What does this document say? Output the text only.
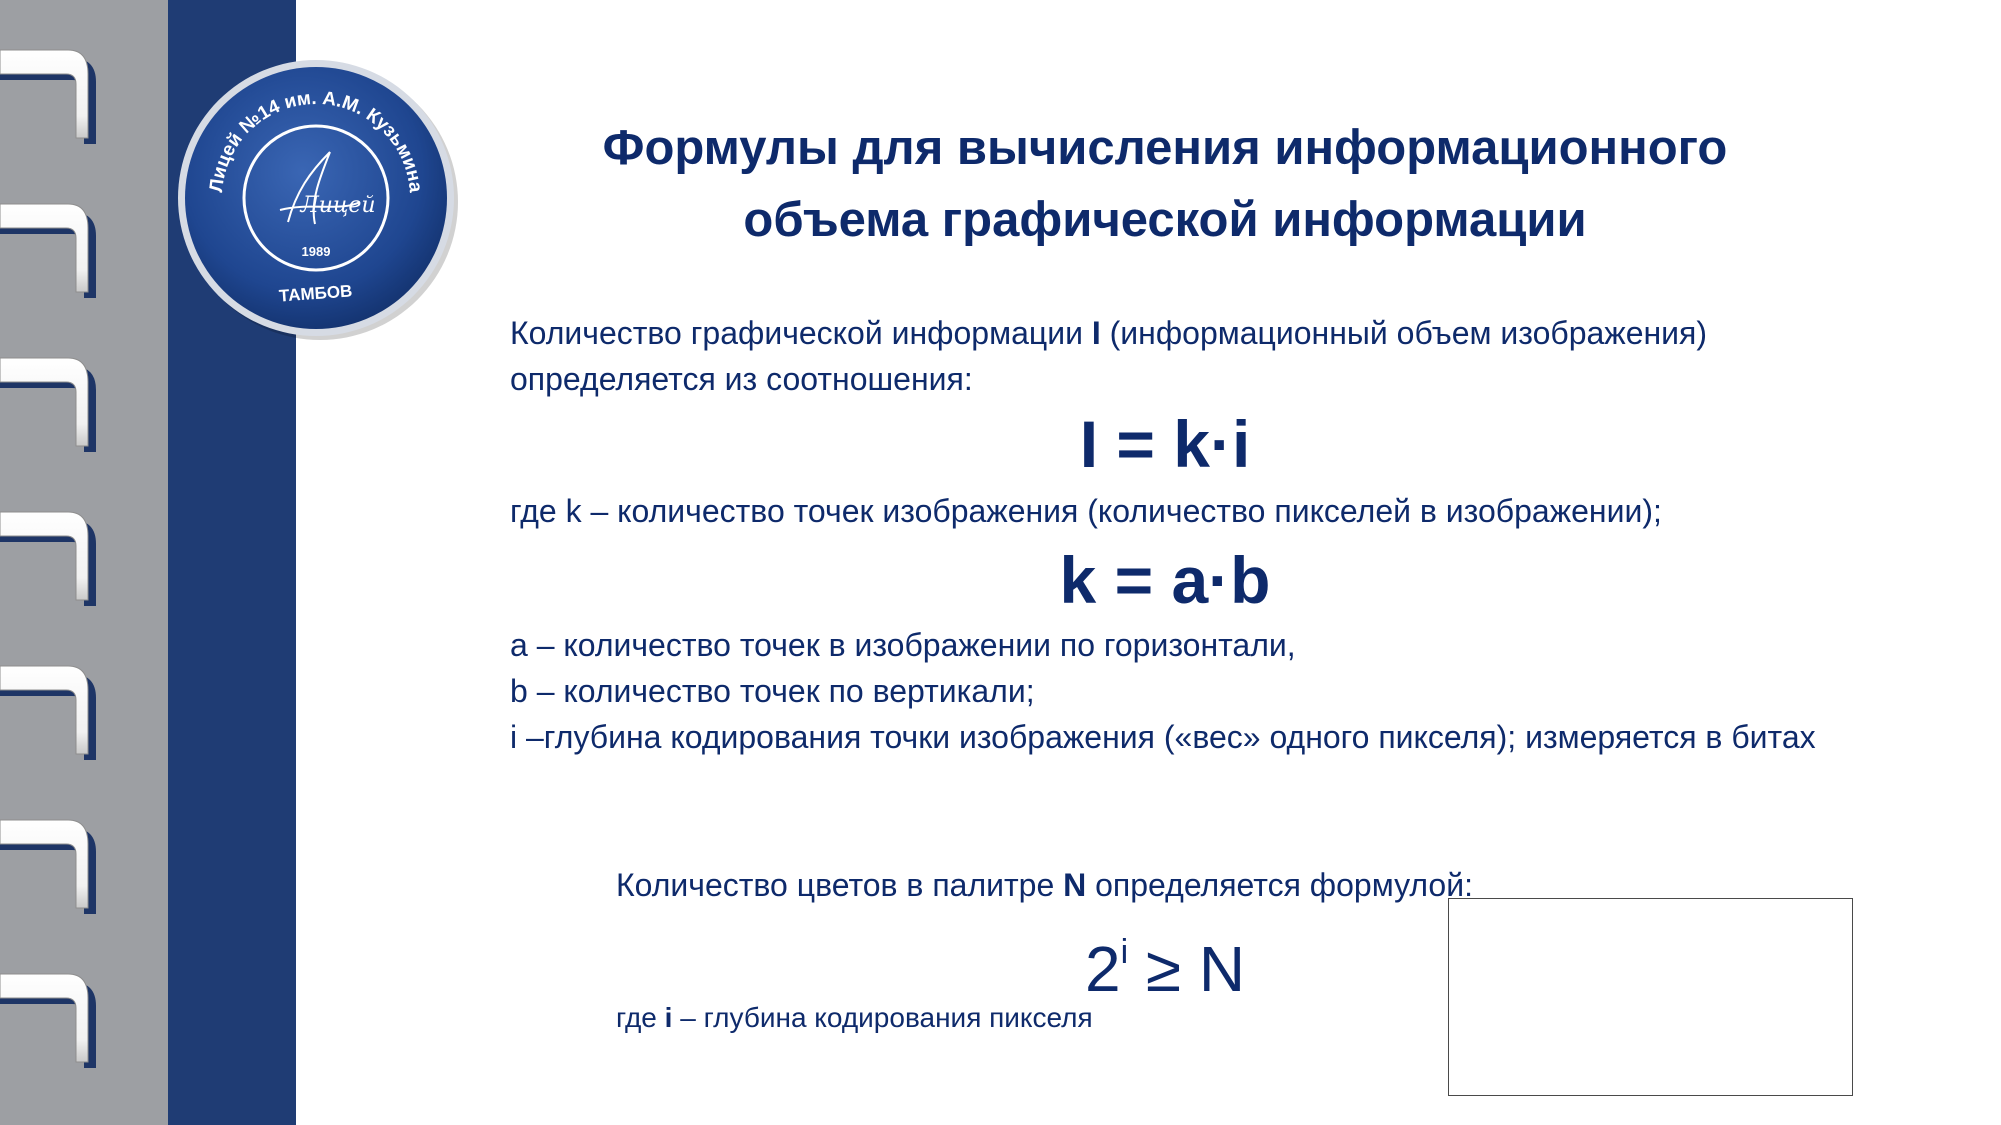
Лицей №14 им. А.М. Кузьмина
Лицей
1989
ТАМБОВ
Формулы для вычисления информационного
объема графической информации
Количество графической информации I (информационный объем изображения) определяется из соотношения:
I = k·i
где k – количество точек изображения (количество пикселей в изображении);
k = a·b
a – количество точек в изображении по горизонтали,
b – количество точек по вертикали;
i –глубина кодирования точки изображения («вес» одного пикселя); измеряется в битах
Количество цветов в палитре N определяется формулой:
$2^i \ge N$
где i – глубина кодирования пикселя
